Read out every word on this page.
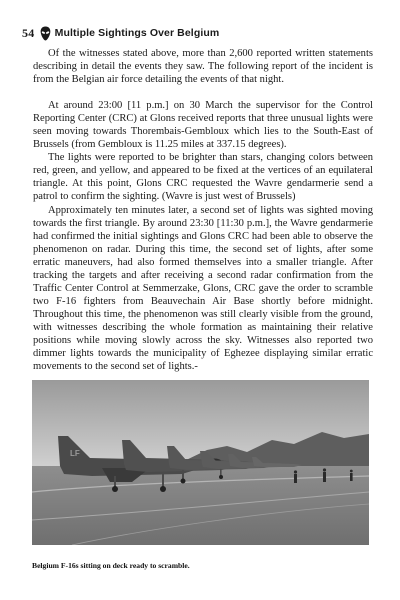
54 Multiple Sightings Over Belgium

Of the witnesses stated above, more than 2,600 reported written statements describing in detail the events they saw. The following report of the incident is from the Belgian air force detailing the events of that night.

At around 23:00 [11 p.m.] on 30 March the supervisor for the Control Reporting Center (CRC) at Glons received reports that three unusual lights were seen moving towards Thorembais-Gembloux which lies to the South-East of Brussels (from Gembloux is 11.25 miles at 337.15 degrees).

The lights were reported to be brighter than stars, changing colors between red, green, and yellow, and appeared to be fixed at the vertices of an equilateral triangle. At this point, Glons CRC requested the Wavre gendarmerie send a patrol to confirm the sighting. (Wavre is just west of Brussels)

Approximately ten minutes later, a second set of lights was sighted moving towards the first triangle. By around 23:30 [11:30 p.m.], the Wavre gendarmerie had confirmed the initial sightings and Glons CRC had been able to observe the phenomenon on radar. During this time, the second set of lights, after some erratic maneuvers, had also formed themselves into a smaller triangle. After tracking the targets and after receiving a second radar confirmation from the Traffic Center Control at Semmerzake, Glons, CRC gave the order to scramble two F-16 fighters from Beauvechain Air Base shortly before midnight. Throughout this time, the phenomenon was still clearly visible from the ground, with witnesses describing the whole formation as maintaining their relative positions while moving slowly across the sky. Witnesses also reported two dimmer lights towards the municipality of Eghezee displaying similar erratic movements to the second set of lights.-

LF
Belgium F-16s sitting on deck ready to scramble.
